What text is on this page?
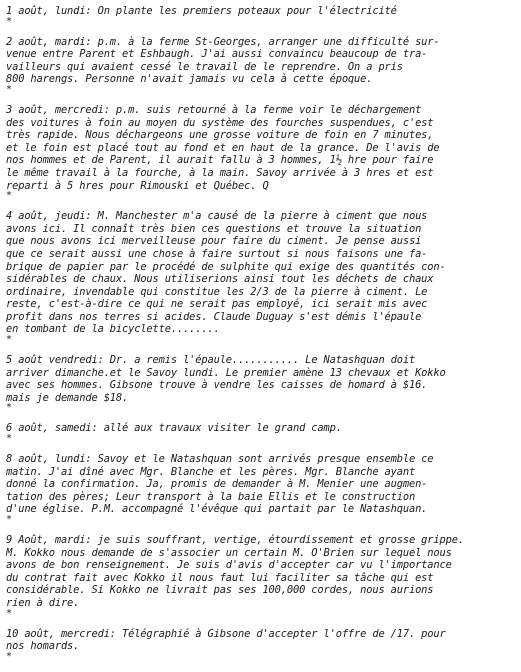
1 août, lundi: On plante les premiers poteaux pour l'électricité
*
2 août, mardi: p.m. à la ferme St-Georges, arranger une difficulté sur-
venue entre Parent et Eshbaugh. J'ai aussi convaincu beaucoup de tra-
vailleurs qui avaient cessé le travail de le reprendre. On a pris
800 harengs. Personne n'avait jamais vu cela à cette époque.
*
3 août, mercredi: p.m. suis retourné à la ferme voir le déchargement
des voitures à foin au moyen du système des fourches suspendues, c'est
très rapide. Nous déchargeons une grosse voiture de foin en 7 minutes,
et le foin est placé tout au fond et en haut de la grance. De l'avis de
nos hommes et de Parent, il aurait fallu à 3 hommes, 1½ hre pour faire
le même travail à la fourche, à la main. Savoy arrivée à 3 hres et est
reparti à 5 hres pour Rimouski et Québec. Q
*
4 août, jeudi: M. Manchester m'a causé de la pierre à ciment que nous
avons ici. Il connaît très bien ces questions et trouve la situation
que nous avons ici merveilleuse pour faire du ciment. Je pense aussi
que ce serait aussi une chose à faire surtout si nous faisons une fa-
brique de papier par le procédé de sulphite qui exige des quantités con-
sidérables de chaux. Nous utiliserions ainsi tout les déchets de chaux
ordinaire, invendable qui constitue les 2/3 de la pierre à ciment. Le
reste, c'est-à-dire ce qui ne serait pas employé, ici serait mis avec
profit dans nos terres si acides. Claude Duguay s'est démis l'épaule
en tombant de la bicyclette........
*
5 août vendredi: Dr. a remis l'épaule........... Le Natashquan doit
arriver dimanche.et le Savoy lundi. Le premier amène 13 chevaux et Kokko
avec ses hommes. Gibsone trouve à vendre les caisses de homard à $16.
mais je demande $18.
*
6 août, samedi: allé aux travaux visiter le grand camp.
*
8 août, lundi: Savoy et le Natashquan sont arrivés presque ensemble ce
matin. J'ai dîné avec Mgr. Blanche et les pères. Mgr. Blanche ayant
donné la confirmation. Ja, promis de demander à M. Menier une augmen-
tation des pères; Leur transport à la baie Ellis et le construction
d'une église. P.M. accompagné l'évêque qui partait par le Natashquan.
*
9 Août, mardi: je suis souffrant, vertige, étourdissement et grosse grippe.
M. Kokko nous demande de s'associer un certain M. O'Brien sur lequel nous
avons de bon renseignement. Je suis d'avis d'accepter car vu l'importance
du contrat fait avec Kokko il nous faut lui faciliter sa tâche qui est
considérable. Si Kokko ne livrait pas ses 100,000 cordes, nous aurions
rien à dire.
*
10 août, mercredi: Télégraphié à Gibsone d'accepter l'offre de /17. pour
nos homards.
*
